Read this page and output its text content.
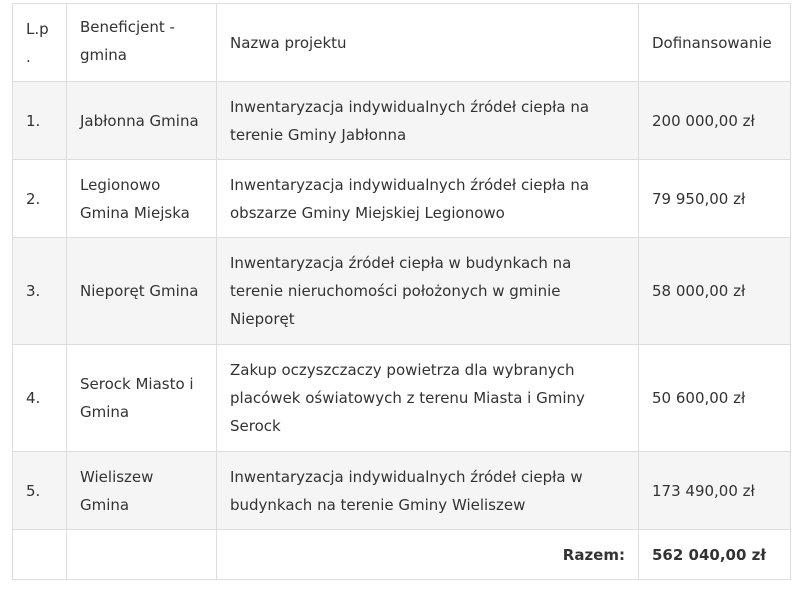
L.p.	Beneficjent - gmina	Nazwa projektu	Dofinansowanie
1.	Jabłonna Gmina	Inwentaryzacja indywidualnych źródeł ciepła na terenie Gminy Jabłonna	200 000,00 zł
2.	Legionowo Gmina Miejska	Inwentaryzacja indywidualnych źródeł ciepła na obszarze Gminy Miejskiej Legionowo	79 950,00 zł
3.	Nieporęt Gmina	Inwentaryzacja źródeł ciepła w budynkach na terenie nieruchomości położonych w gminie Nieporęt	58 000,00 zł
4.	Serock Miasto i Gmina	Zakup oczyszczaczy powietrza dla wybranych placówek oświatowych z terenu Miasta i Gminy Serock	50 600,00 zł
5.	Wieliszew Gmina	Inwentaryzacja indywidualnych źródeł ciepła w budynkach na terenie Gminy Wieliszew	173 490,00 zł
		Razem:	562 040,00 zł
